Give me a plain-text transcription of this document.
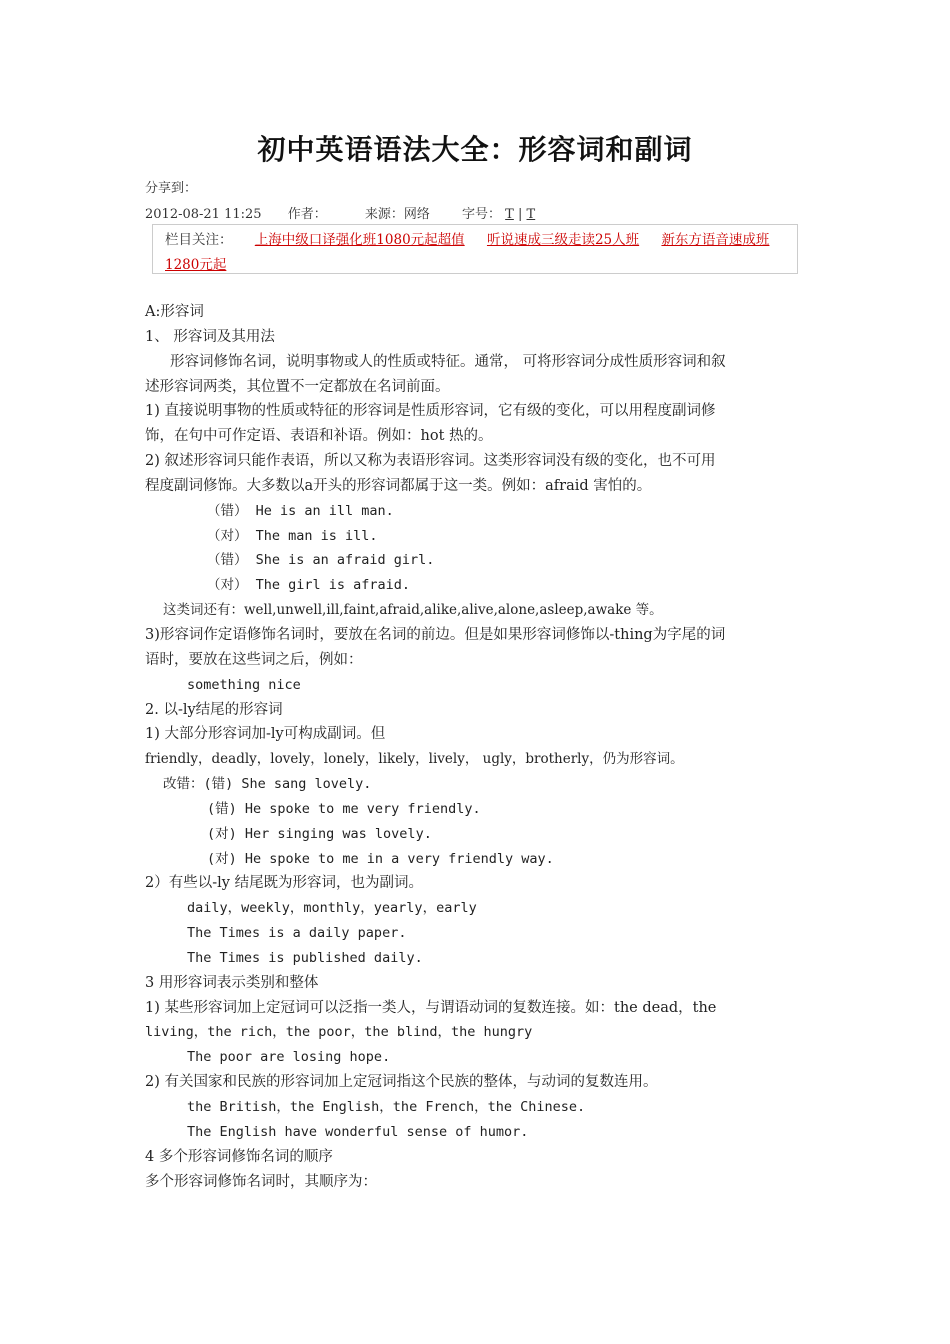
初中英语语法大全：形容词和副词
分享到：
2012-08-21 11:25 作者：	来源：网络 字号： T | T
栏目关注： 上海中级口译强化班1080元起超值 听说速成三级走读25人班 新东方语音速成班
1280元起
A:形容词
1、 形容词及其用法
形容词修饰名词，说明事物或人的性质或特征。通常， 可将形容词分成性质形容词和叙
述形容词两类，其位置不一定都放在名词前面。
1) 直接说明事物的性质或特征的形容词是性质形容词，它有级的变化，可以用程度副词修
饰，在句中可作定语、表语和补语。例如：hot 热的。
2) 叙述形容词只能作表语，所以又称为表语形容词。这类形容词没有级的变化，也不可用
程度副词修饰。大多数以a开头的形容词都属于这一类。例如：afraid 害怕的。
（错） He is an ill man.
（对） The man is ill.
（错） She is an afraid girl.
（对） The girl is afraid.
这类词还有：well,unwell,ill,faint,afraid,alike,alive,alone,asleep,awake 等。
3)形容词作定语修饰名词时，要放在名词的前边。但是如果形容词修饰以-thing为字尾的词
语时，要放在这些词之后，例如：
something nice
2. 以-ly结尾的形容词
1) 大部分形容词加-ly可构成副词。但
friendly，deadly，lovely，lonely，likely，lively， ugly，brotherly，仍为形容词。
改错：(错) She sang lovely.
(错) He spoke to me very friendly.
(对) Her singing was lovely.
(对) He spoke to me in a very friendly way.
2）有些以-ly 结尾既为形容词，也为副词。
daily，weekly，monthly，yearly，early
The Times is a daily paper.
The Times is published daily.
3 用形容词表示类别和整体
1) 某些形容词加上定冠词可以泛指一类人，与谓语动词的复数连接。如：the dead，the
living，the rich，the poor，the blind，the hungry
The poor are losing hope.
2) 有关国家和民族的形容词加上定冠词指这个民族的整体，与动词的复数连用。
the British，the English，the French，the Chinese.
The English have wonderful sense of humor.
4 多个形容词修饰名词的顺序
多个形容词修饰名词时，其顺序为：
